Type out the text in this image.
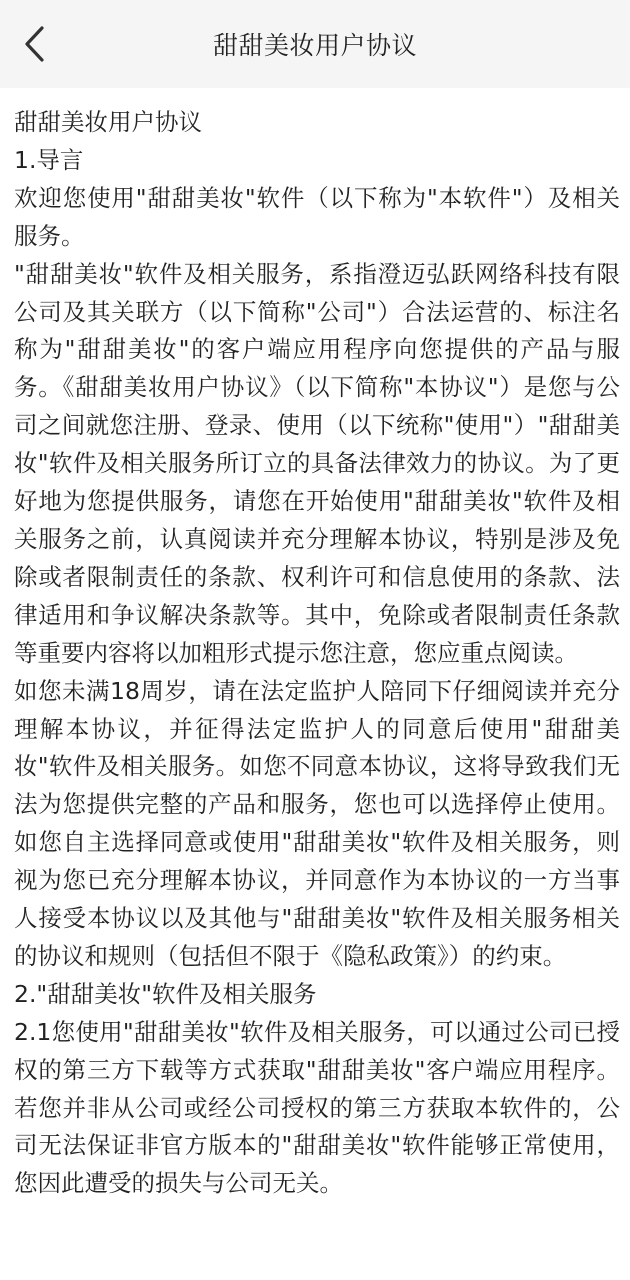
甜甜美妆用户协议

甜甜美妆用户协议

1.导言

欢迎您使用"甜甜美妆"软件（以下称为"本软件"）及相关服务。

"甜甜美妆"软件及相关服务，系指澄迈弘跃网络科技有限公司及其关联方（以下简称"公司"）合法运营的、标注名称为"甜甜美妆"的客户端应用程序向您提供的产品与服务。《甜甜美妆用户协议》（以下简称"本协议"）是您与公司之间就您注册、登录、使用（以下统称"使用"）"甜甜美妆"软件及相关服务所订立的具备法律效力的协议。为了更好地为您提供服务，请您在开始使用"甜甜美妆"软件及相关服务之前，认真阅读并充分理解本协议，特别是涉及免除或者限制责任的条款、权利许可和信息使用的条款、法律适用和争议解决条款等。其中，免除或者限制责任条款等重要内容将以加粗形式提示您注意，您应重点阅读。

如您未满18周岁，请在法定监护人陪同下仔细阅读并充分理解本协议，并征得法定监护人的同意后使用"甜甜美妆"软件及相关服务。如您不同意本协议，这将导致我们无法为您提供完整的产品和服务，您也可以选择停止使用。如您自主选择同意或使用"甜甜美妆"软件及相关服务，则视为您已充分理解本协议，并同意作为本协议的一方当事人接受本协议以及其他与"甜甜美妆"软件及相关服务相关的协议和规则（包括但不限于《隐私政策》）的约束。

2."甜甜美妆"软件及相关服务

2.1您使用"甜甜美妆"软件及相关服务，可以通过公司已授权的第三方下载等方式获取"甜甜美妆"客户端应用程序。若您并非从公司或经公司授权的第三方获取本软件的，公司无法保证非官方版本的"甜甜美妆"软件能够正常使用，您因此遭受的损失与公司无关。
